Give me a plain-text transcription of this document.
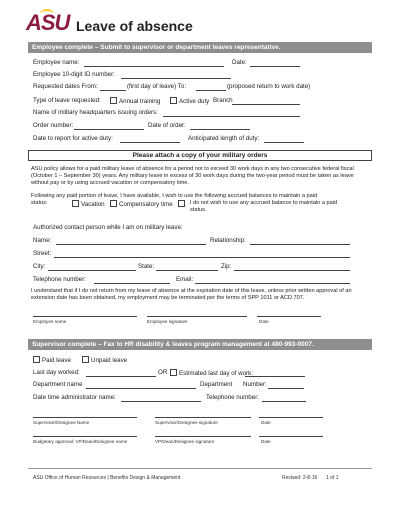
ASU Leave of absence
Employee complete – Submit to supervisor or department leaves representative.
Employee name:	Date:
Employee 10-digit ID number:
Requested dates From:	(first day of leave) To:	(proposed return to work date)
Type of leave requested:	Annual training	Active duty Branch
Name of military headquarters issuing orders:
Order number:	Date of order:
Date to report for active duty:	Anticipated length of duty:
Please attach a copy of your military orders
ASU policy allows for a paid military leave of absence for a period not to exceed 30 work days in any two consecutive federal fiscal (October 1 – September 30) years. Any military leave in excess of 30 work days during the two-year period must be taken as leave without pay or by using accrued vacation or compensatory time.
Following any paid portion of leave, I have available, I wish to use the following accrued balances to maintain a paid status:	Vacation	Compensatory time	I do not wish to use any accrued balance to maintain a paid status.
Authorized contact person while I am on military leave:
Name:	Relationship:
Street:
City:	State:	Zip:
Telephone number:	Email:
I understand that if I do not return from my leave of absence at the expiration date of this leave, unless prior written approval of an extension date has been obtained, my employment may be terminated per the terms of SPP 1011 or ACD 707.
Employee name	Employee signature	Date
Supervisor complete – Fax to HR disability & leaves program management at 480-993-0007.
Paid leave	Unpaid leave
Last day worked:	OR	Estimated last day of work:
Department name	Department Number:
Date time administrator name:	Telephone number:
Supervisor/Designee Name	Supervisor/Designee signature	Date
Budgetary approval: VP/Dean/Designee name	VP/Dean/Designee signature	Date
ASU Office of Human Resources | Benefits Design & Management	Revised: 2-8-16 1 of 1
